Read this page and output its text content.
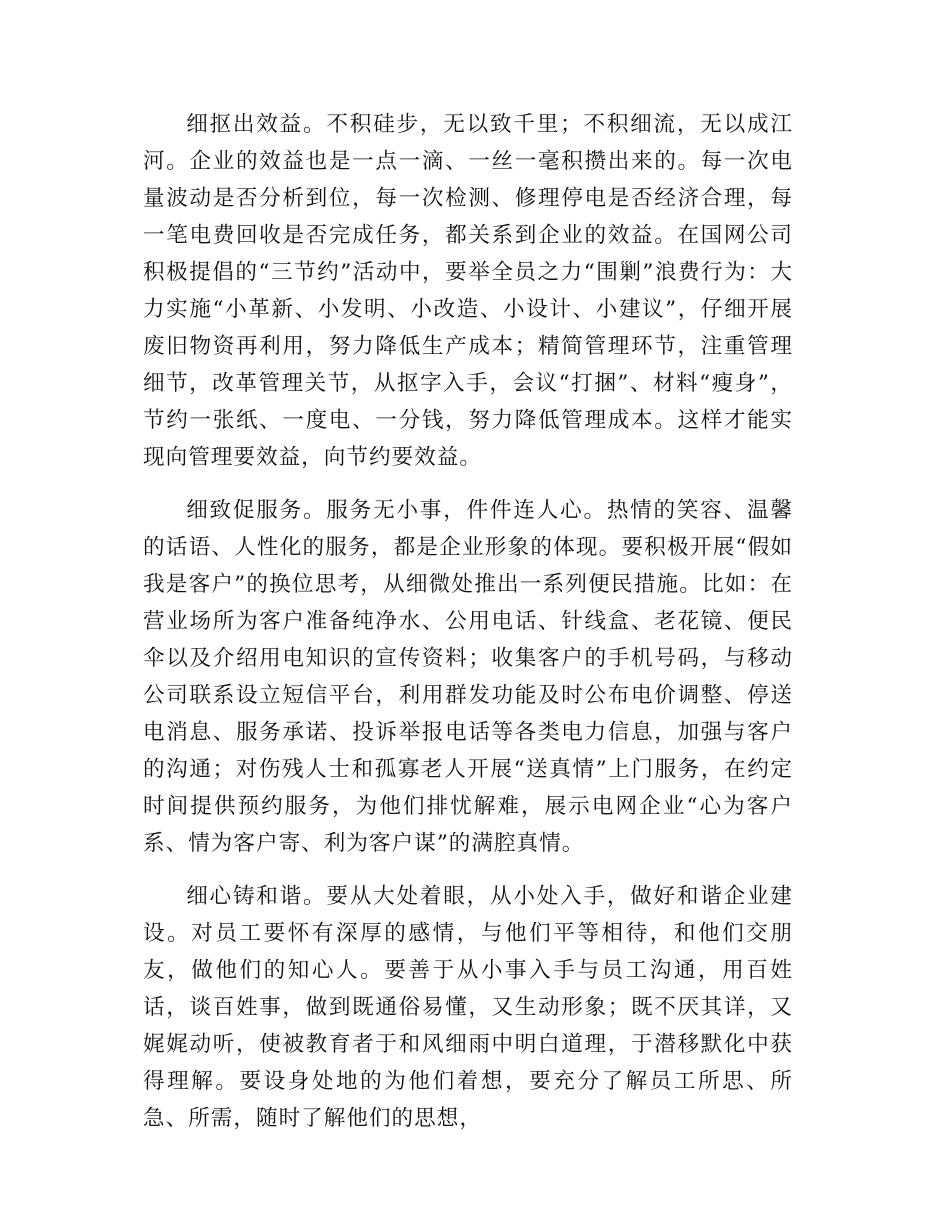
细抠出效益。不积硅步，无以致千里；不积细流，无以成江河。企业的效益也是一点一滴、一丝一毫积攒出来的。每一次电量波动是否分析到位，每一次检测、修理停电是否经济合理，每一笔电费回收是否完成任务，都关系到企业的效益。在国网公司积极提倡的“三节约”活动中，要举全员之力“围剿”浪费行为：大力实施“小革新、小发明、小改造、小设计、小建议”，仔细开展废旧物资再利用，努力降低生产成本；精简管理环节，注重管理细节，改革管理关节，从抠字入手，会议“打捆”、材料“瘦身”，节约一张纸、一度电、一分钱，努力降低管理成本。这样才能实现向管理要效益，向节约要效益。

细致促服务。服务无小事，件件连人心。热情的笑容、温馨的话语、人性化的服务，都是企业形象的体现。要积极开展“假如我是客户”的换位思考，从细微处推出一系列便民措施。比如：在营业场所为客户准备纯净水、公用电话、针线盒、老花镜、便民伞以及介绍用电知识的宣传资料；收集客户的手机号码，与移动公司联系设立短信平台，利用群发功能及时公布电价调整、停送电消息、服务承诺、投诉举报电话等各类电力信息，加强与客户的沟通；对伤残人士和孤寡老人开展“送真情”上门服务，在约定时间提供预约服务，为他们排忧解难，展示电网企业“心为客户系、情为客户寄、利为客户谋”的满腔真情。

细心铸和谐。要从大处着眼，从小处入手，做好和谐企业建设。对员工要怀有深厚的感情，与他们平等相待，和他们交朋友，做他们的知心人。要善于从小事入手与员工沟通，用百姓话，谈百姓事，做到既通俗易懂，又生动形象；既不厌其详，又娓娓动听，使被教育者于和风细雨中明白道理，于潜移默化中获得理解。要设身处地的为他们着想，要充分了解员工所思、所急、所需，随时了解他们的思想，
